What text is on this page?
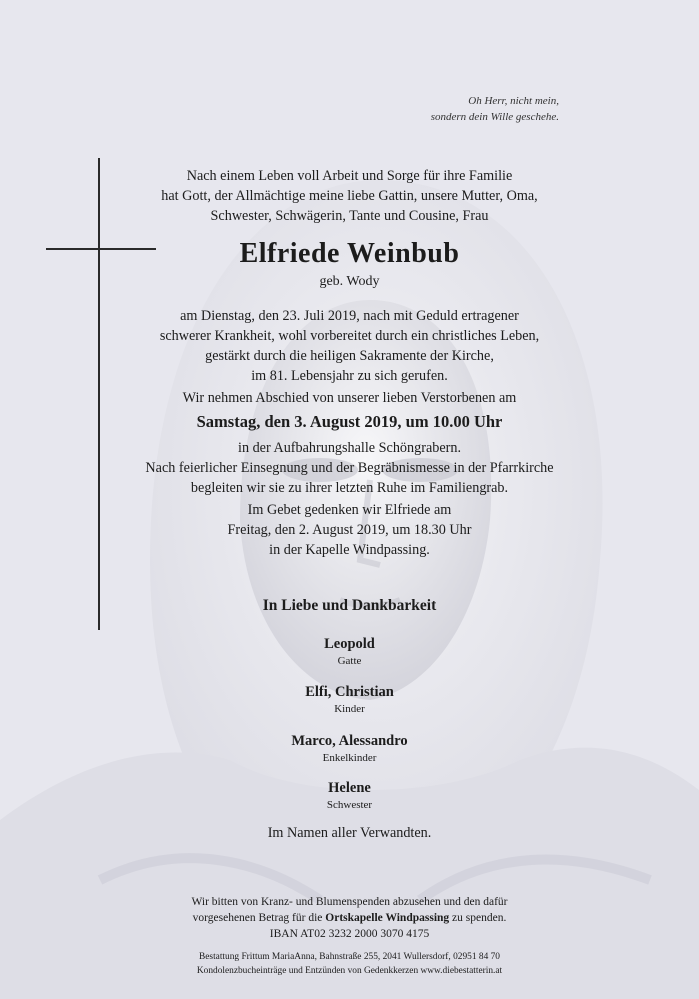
Oh Herr, nicht mein,
sondern dein Wille geschehe.
Nach einem Leben voll Arbeit und Sorge für ihre Familie
hat Gott, der Allmächtige meine liebe Gattin, unsere Mutter, Oma,
Schwester, Schwägerin, Tante und Cousine, Frau
Elfriede Weinbub
geb. Wody
am Dienstag, den 23. Juli 2019, nach mit Geduld ertragener
schwerer Krankheit, wohl vorbereitet durch ein christliches Leben,
gestärkt durch die heiligen Sakramente der Kirche,
im 81. Lebensjahr zu sich gerufen.
Wir nehmen Abschied von unserer lieben Verstorbenen am
Samstag, den 3. August 2019, um 10.00 Uhr
in der Aufbahrungshalle Schöngrabern.
Nach feierlicher Einsegnung und der Begräbnismesse in der Pfarrkirche
begleiten wir sie zu ihrer letzten Ruhe im Familiengrab.
Im Gebet gedenken wir Elfriede am
Freitag, den 2. August 2019, um 18.30 Uhr
in der Kapelle Windpassing.
In Liebe und Dankbarkeit
Leopold
Gatte
Elfi, Christian
Kinder
Marco, Alessandro
Enkelkinder
Helene
Schwester
Im Namen aller Verwandten.
Wir bitten von Kranz- und Blumenspenden abzusehen und den dafür
vorgesehenen Betrag für die Ortskapelle Windpassing zu spenden.
IBAN AT02 3232 2000 3070 4175
Bestattung Frittum MariaAnna, Bahnstraße 255, 2041 Wullersdorf, 02951 84 70
Kondolenzbucheinträge und Entzünden von Gedenkkerzen www.diebestatterin.at
